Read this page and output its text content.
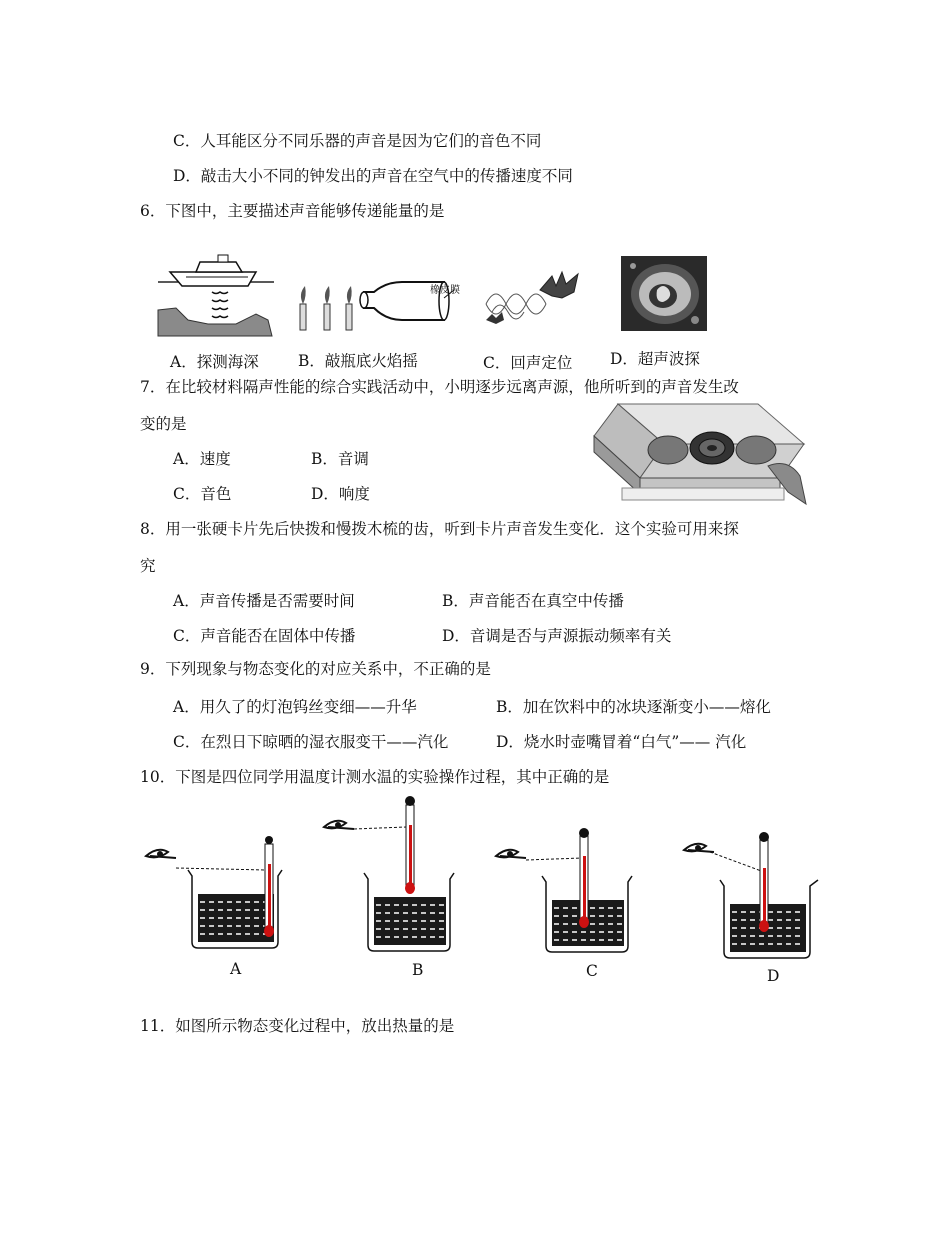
C．人耳能区分不同乐器的声音是因为它们的音色不同
D．敲击大小不同的钟发出的声音在空气中的传播速度不同
6．下图中，主要描述声音能够传递能量的是
橡皮膜
A．探测海深	B．敲瓶底火焰摇	C．回声定位 D．超声波探
7．在比较材料隔声性能的综合实践活动中，小明逐步远离声源，他所听到的声音发生改
变的是
A．速度	B．音调
C．音色	D．响度
8．用一张硬卡片先后快拨和慢拨木梳的齿，听到卡片声音发生变化．这个实验可用来探
究
A．声音传播是否需要时间	B．声音能否在真空中传播
C．声音能否在固体中传播	D．音调是否与声源振动频率有关
9．下列现象与物态变化的对应关系中，不正确的是
A．用久了的灯泡钨丝变细——升华	B．加在饮料中的冰块逐渐变小——熔化
C．在烈日下晾晒的湿衣服变干——汽化	D．烧水时壶嘴冒着“白气”—— 汽化
10．下图是四位同学用温度计测水温的实验操作过程，其中正确的是
A	B	C	D
11．如图所示物态变化过程中，放出热量的是
